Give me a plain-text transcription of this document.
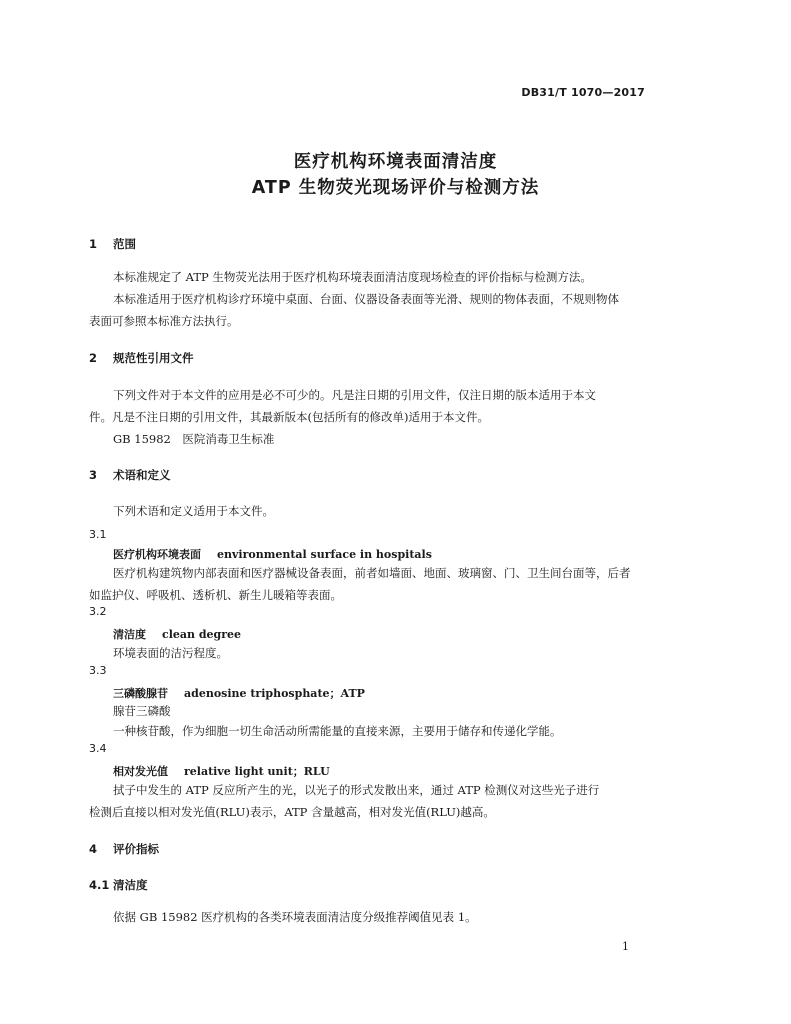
DB31/T 1070—2017
医疗机构环境表面清洁度
ATP 生物荧光现场评价与检测方法
1 范围
本标准规定了 ATP 生物荧光法用于医疗机构环境表面清洁度现场检查的评价指标与检测方法。
本标准适用于医疗机构诊疗环境中桌面、台面、仪器设备表面等光滑、规则的物体表面，不规则物体
表面可参照本标准方法执行。
2 规范性引用文件
下列文件对于本文件的应用是必不可少的。凡是注日期的引用文件，仅注日期的版本适用于本文
件。凡是不注日期的引用文件，其最新版本(包括所有的修改单)适用于本文件。
GB 15982　医院消毒卫生标准
3 术语和定义
下列术语和定义适用于本文件。
3.1
医疗机构环境表面 environmental surface in hospitals
医疗机构建筑物内部表面和医疗器械设备表面，前者如墙面、地面、玻璃窗、门、卫生间台面等，后者
如监护仪、呼吸机、透析机、新生儿暖箱等表面。
3.2
清洁度 clean degree
环境表面的洁污程度。
3.3
三磷酸腺苷 adenosine triphosphate；ATP
腺苷三磷酸
一种核苷酸，作为细胞一切生命活动所需能量的直接来源，主要用于储存和传递化学能。
3.4
相对发光值 relative light unit；RLU
拭子中发生的 ATP 反应所产生的光，以光子的形式发散出来，通过 ATP 检测仪对这些光子进行
检测后直接以相对发光值(RLU)表示，ATP 含量越高，相对发光值(RLU)越高。
4 评价指标
4.1 清洁度
依据 GB 15982 医疗机构的各类环境表面清洁度分级推荐阈值见表 1。
1
